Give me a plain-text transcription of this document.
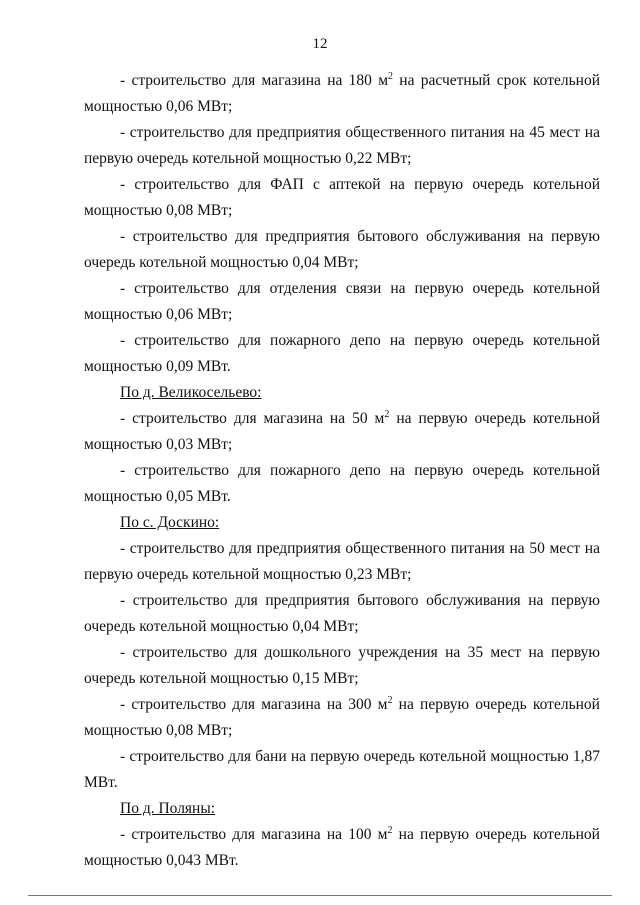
12

- строительство для магазина на 180 $м^2$ на расчетный срок котельной мощностью 0,06 МВт;

- строительство для предприятия общественного питания на 45 мест на первую очередь котельной мощностью 0,22 МВт;

- строительство для ФАП с аптекой на первую очередь котельной мощностью 0,08 МВт;

- строительство для предприятия бытового обслуживания на первую очередь котельной мощностью 0,04 МВт;

- строительство для отделения связи на первую очередь котельной мощностью 0,06 МВт;

- строительство для пожарного депо на первую очередь котельной мощностью 0,09 МВт.

По д. Великосельево:

- строительство для магазина на 50 $м^2$ на первую очередь котельной мощностью 0,03 МВт;

- строительство для пожарного депо на первую очередь котельной мощностью 0,05 МВт.

По с. Доскино:

- строительство для предприятия общественного питания на 50 мест на первую очередь котельной мощностью 0,23 МВт;

- строительство для предприятия бытового обслуживания на первую очередь котельной мощностью 0,04 МВт;

- строительство для дошкольного учреждения на 35 мест на первую очередь котельной мощностью 0,15 МВт;

- строительство для магазина на 300 $м^2$ на первую очередь котельной мощностью 0,08 МВт;

- строительство для бани на первую очередь котельной мощностью 1,87 МВт.

По д. Поляны:

- строительство для магазина на 100 $м^2$ на первую очередь котельной мощностью 0,043 МВт.
